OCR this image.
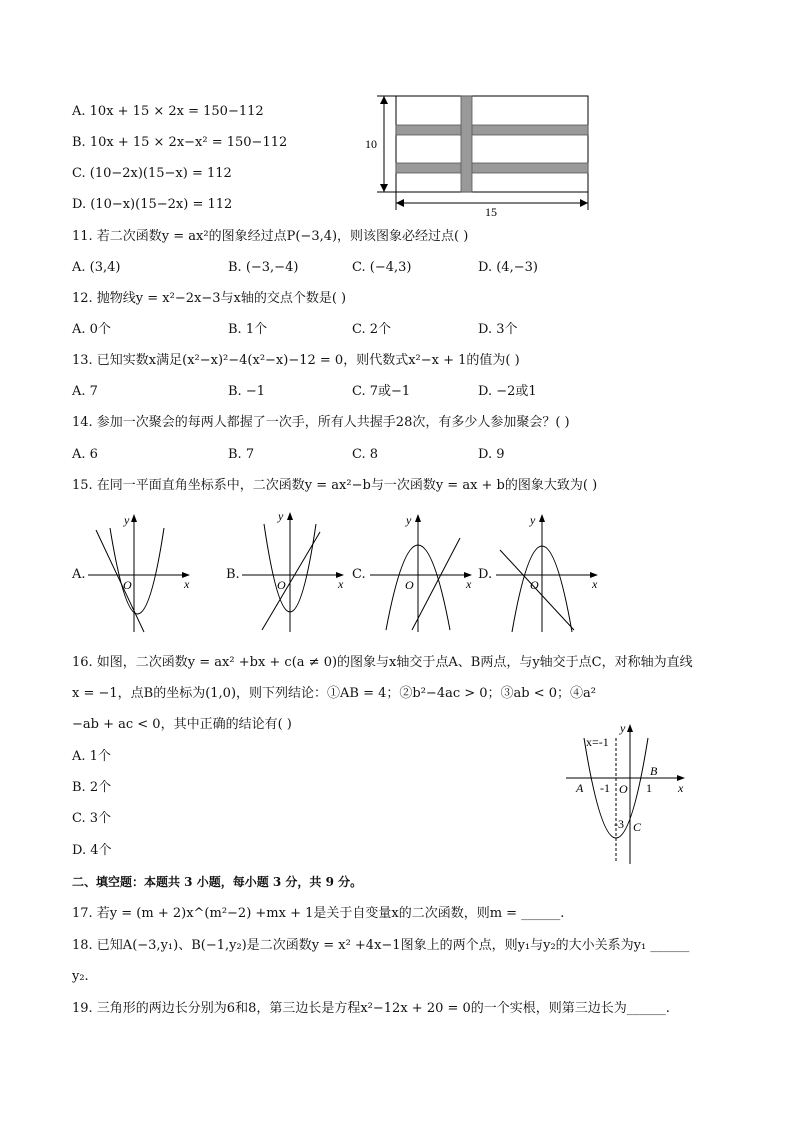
A. 10x + 15 × 2x = 150−112
B. 10x + 15 × 2x−x² = 150−112
C. (10−2x)(15−x) = 112
D. (10−x)(15−2x) = 112
10
15
11. 若二次函数y = ax²的图象经过点P(−3,4)，则该图象必经过点( )
A. (3,4)	B. (−3,−4)	C. (−4,3)	D. (4,−3)
12. 抛物线y = x²−2x−3与x轴的交点个数是( )
A. 0个	B. 1个	C. 2个	D. 3个
13. 已知实数x满足(x²−x)²−4(x²−x)−12 = 0，则代数式x²−x + 1的值为( )
A. 7	B. −1	C. 7或−1	D. −2或1
14. 参加一次聚会的每两人都握了一次手，所有人共握手28次，有多少人参加聚会？( )
A. 6	B. 7	C. 8	D. 9
15. 在同一平面直角坐标系中，二次函数y = ax²−b与一次函数y = ax + b的图象大致为( )
A.
y
x
O
B.
y
x
O
C.
y
x
O
D.
y
x
O
16. 如图，二次函数y = ax² +bx + c(a ≠ 0)的图象与x轴交于点A、B两点，与y轴交于点C，对称轴为直线
x = −1，点B的坐标为(1,0)，则下列结论：①AB = 4；②b²−4ac > 0；③ab < 0；④a²
−ab + ac < 0，其中正确的结论有( )
A. 1个
B. 2个
C. 3个
D. 4个
x=-1
y
x
A
B
O
-1	1
-3 C
二、填空题：本题共 3 小题，每小题 3 分，共 9 分。
17. 若y = (m + 2)x^(m²−2) +mx + 1是关于自变量x的二次函数，则m = ______.
18. 已知A(−3,y₁)、B(−1,y₂)是二次函数y = x² +4x−1图象上的两个点，则y₁与y₂的大小关系为y₁ ______
y₂.
19. 三角形的两边长分别为6和8，第三边长是方程x²−12x + 20 = 0的一个实根，则第三边长为______.
